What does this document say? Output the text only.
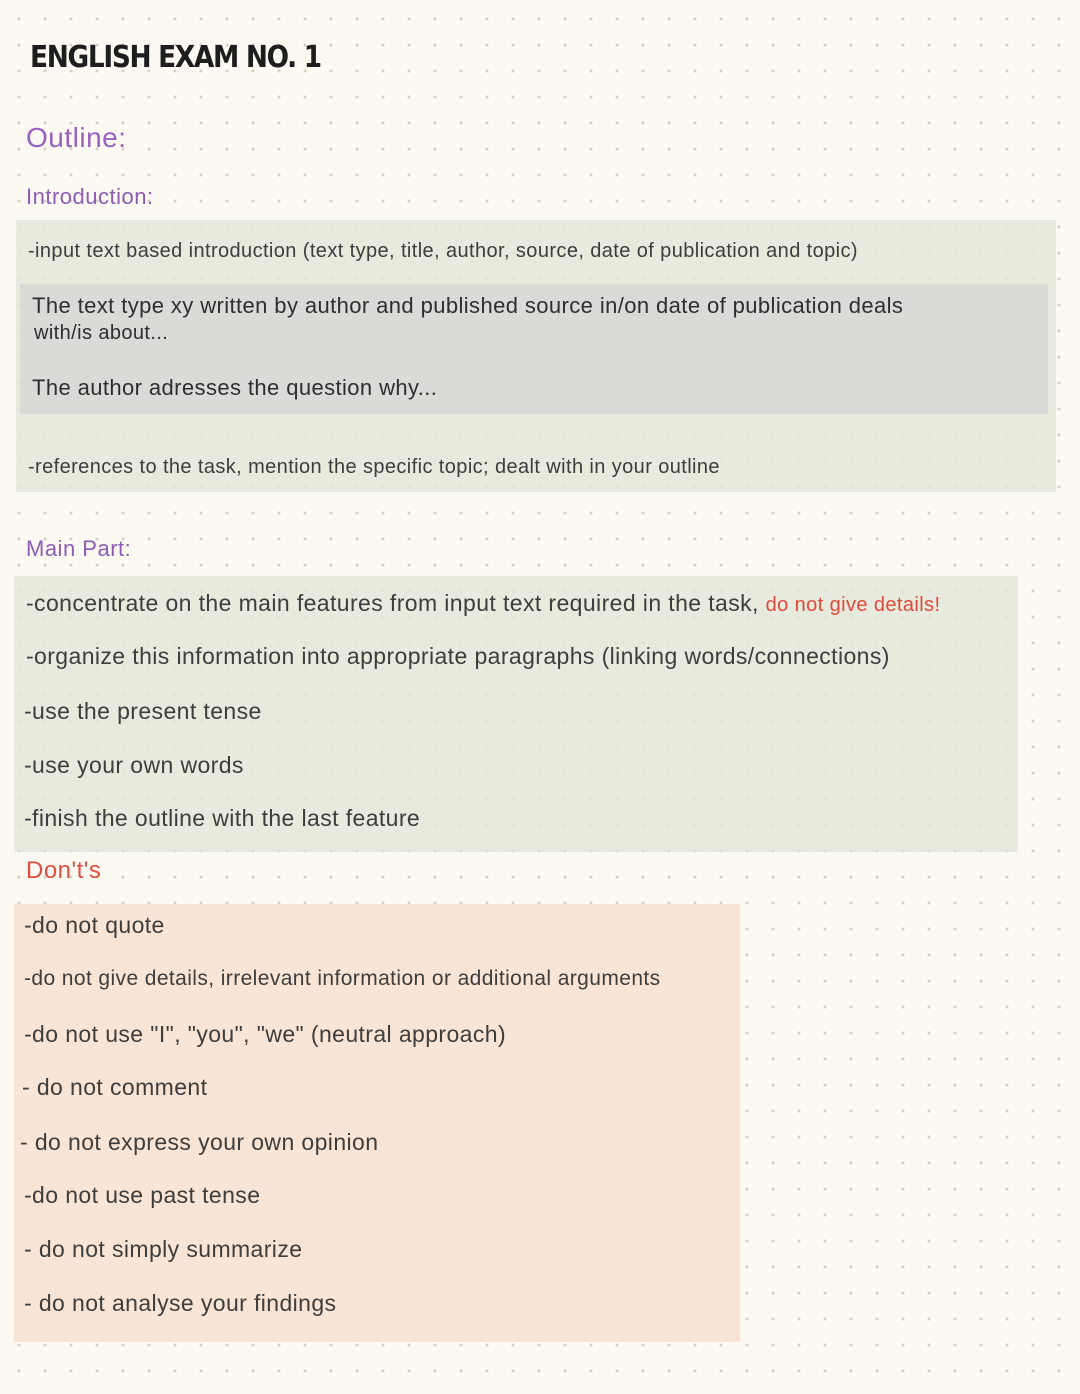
ENGLISH EXAM NO. 1
Outline:
Introduction:
-input text based introduction (text type, title, author, source, date of publication and topic)
The text type xy written by author and published source in/on date of publication deals
with/is about...
The author adresses the question why...
-references to the task, mention the specific topic; dealt with in your outline
Main Part:
-concentrate on the main features from input text required in the task, do not give details!
-organize this information into appropriate paragraphs (linking words/connections)
-use the present tense
-use your own words
-finish the outline with the last feature
Don't's
-do not quote
-do not give details, irrelevant information or additional arguments
-do not use "I", "you", "we" (neutral approach)
- do not comment
- do not express your own opinion
-do not use past tense
- do not simply summarize
- do not analyse your findings
